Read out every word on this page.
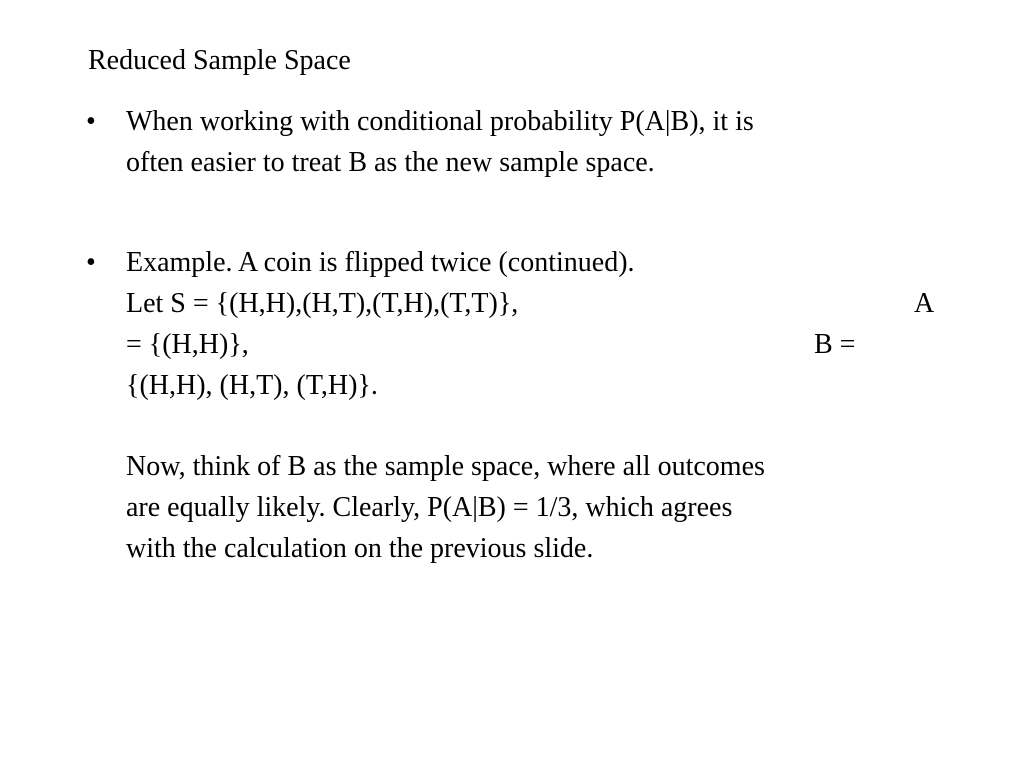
Reduced Sample Space
• When working with conditional probability P(A|B), it is
often easier to treat B as the new sample space.
• Example. A coin is flipped twice (continued).
Let S = {(H,H),(H,T),(T,H),(T,T)},	A
= {(H,H)},	B =
{(H,H), (H,T), (T,H)}.
Now, think of B as the sample space, where all outcomes
are equally likely. Clearly, P(A|B) = 1/3, which agrees
with the calculation on the previous slide.
